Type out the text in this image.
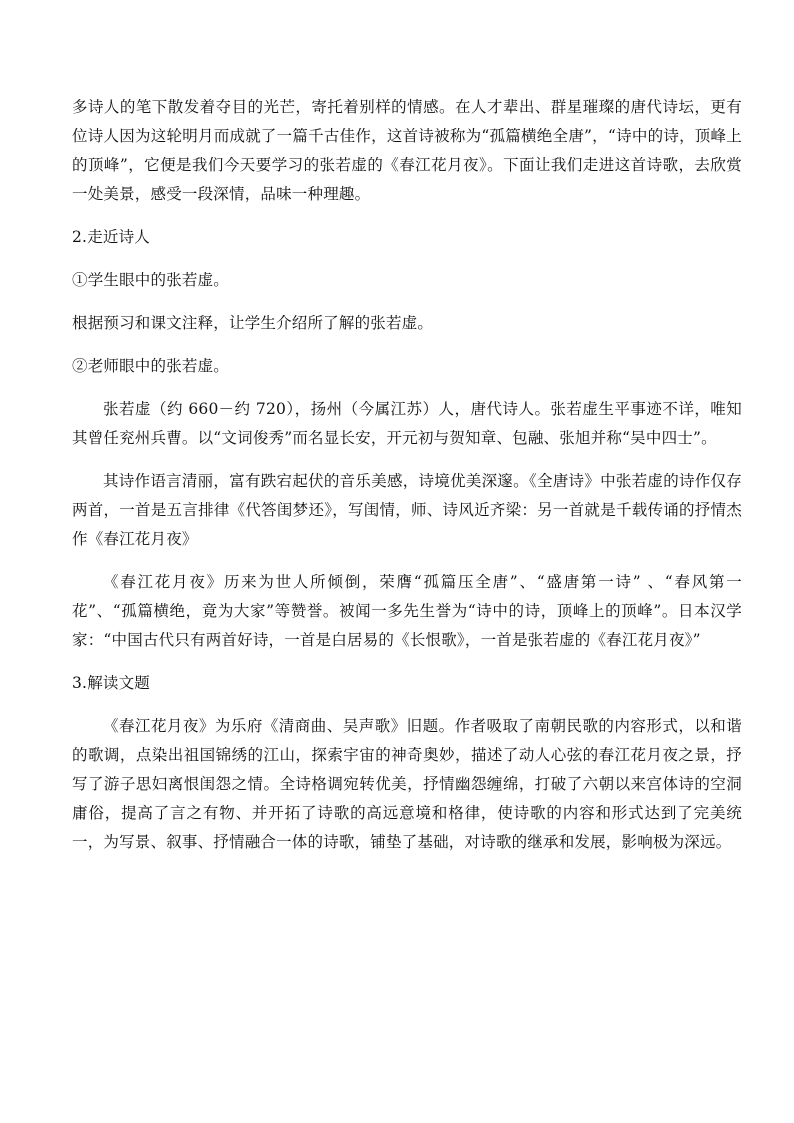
多诗人的笔下散发着夺目的光芒，寄托着别样的情感。在人才辈出、群星璀璨的唐代诗坛，更有位诗人因为这轮明月而成就了一篇千古佳作，这首诗被称为“孤篇横绝全唐”，“诗中的诗，顶峰上的顶峰”，它便是我们今天要学习的张若虚的《春江花月夜》。下面让我们走进这首诗歌，去欣赏一处美景，感受一段深情，品味一种理趣。

2.走近诗人

①学生眼中的张若虚。

根据预习和课文注释，让学生介绍所了解的张若虚。

②老师眼中的张若虚。

张若虚（约 660－约 720），扬州（今属江苏）人，唐代诗人。张若虚生平事迹不详，唯知其曾任兖州兵曹。以“文词俊秀”而名显长安，开元初与贺知章、包融、张旭并称“吴中四士”。

其诗作语言清丽，富有跌宕起伏的音乐美感，诗境优美深邃。《全唐诗》中张若虚的诗作仅存两首，一首是五言排律《代答闺梦还》，写闺情，师、诗风近齐梁：另一首就是千载传诵的抒情杰作《春江花月夜》

《春江花月夜》历来为世人所倾倒，荣膺“孤篇压全唐”、“盛唐第一诗” 、“春风第一花”、“孤篇横绝，竟为大家”等赞誉。被闻一多先生誉为“诗中的诗，顶峰上的顶峰”。日本汉学家：“中国古代只有两首好诗，一首是白居易的《长恨歌》，一首是张若虚的《春江花月夜》”

3.解读文题

《春江花月夜》为乐府《清商曲、吴声歌》旧题。作者吸取了南朝民歌的内容形式，以和谐的歌调，点染出祖国锦绣的江山，探索宇宙的神奇奥妙，描述了动人心弦的春江花月夜之景，抒写了游子思妇离恨闺怨之情。全诗格调宛转优美，抒情幽怨缠绵，打破了六朝以来宫体诗的空洞庸俗，提高了言之有物、并开拓了诗歌的高远意境和格律，使诗歌的内容和形式达到了完美统一，为写景、叙事、抒情融合一体的诗歌，铺垫了基础，对诗歌的继承和发展，影响极为深远。
